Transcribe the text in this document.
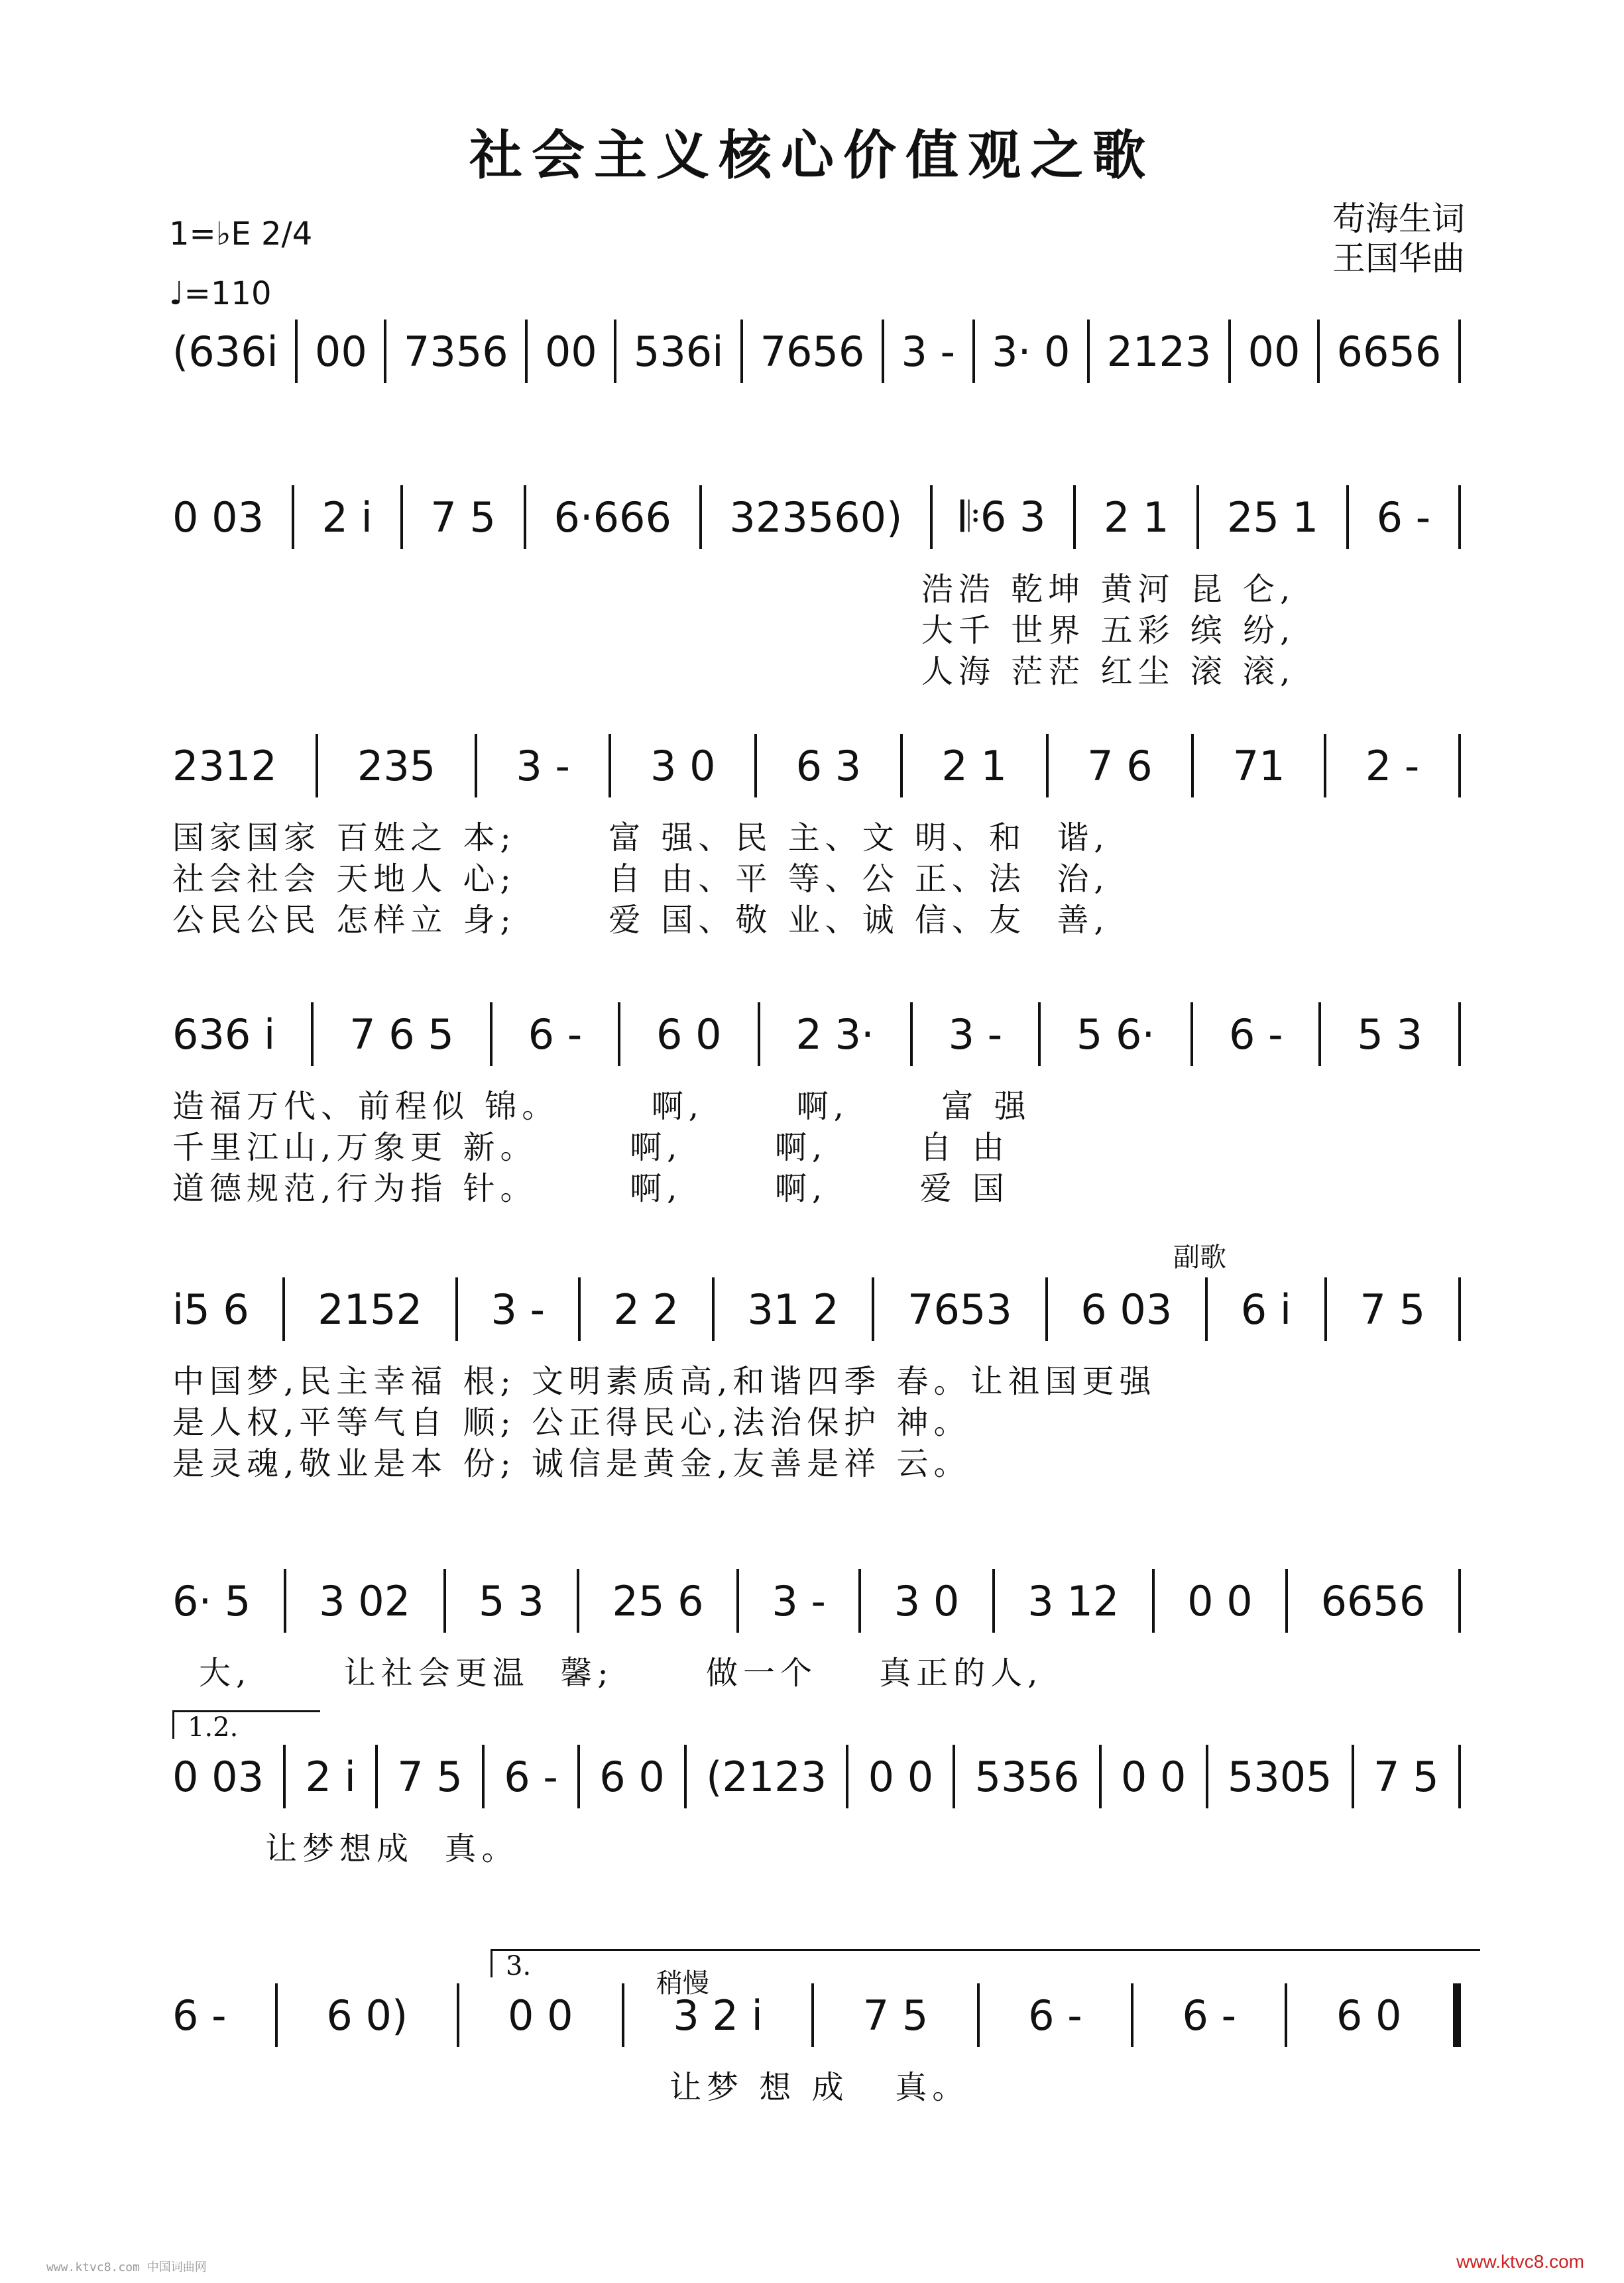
社会主义核心价值观之歌
苟海生词
王国华曲
1=♭E 2/4
♩=110
(636i 00 7356 00 536i 7656 3 - 3· 0 2123 00 6656
0 03 2 i 7 5 6·666 323560) 𝄆6 3 2 1 25 1 6 -
浩浩 乾坤 黄河 昆 仑,
大千 世界 五彩 缤 纷,
人海 茫茫 红尘 滚 滚,
2312 235 3 - 3 0 6 3 2 1 7 6 71 2 -
国家国家 百姓之 本;      富 强、民 主、文 明、和  谐,
社会社会 天地人 心;      自 由、平 等、公 正、法  治,
公民公民 怎样立 身;      爱 国、敬 业、诚 信、友  善,
636 i 7 6 5 6 - 6 0 2 3· 3 - 5 6· 6 - 5 3
造福万代、前程似 锦。      啊,      啊,      富 强
千里江山,万象更 新。      啊,      啊,      自 由
道德规范,行为指 针。      啊,      啊,      爱 国
i5 6 2152 3 - 2 2 31 2 7653 6 03 6 i 7 5
副歌
中国梦,民主幸福 根; 文明素质高,和谐四季 春。让祖国更强
是人权,平等气自 顺; 公正得民心,法治保护 神。
是灵魂,敬业是本 份; 诚信是黄金,友善是祥 云。
6· 5 3 02 5 3 25 6 3 - 3 0 3 12 0 0 6656
大,      让社会更温  馨;      做一个    真正的人,
0 03 2 i 7 5 6 - 6 0 (2123 0 0 5356 0 0 5305 7 5
1.2.
让梦想成  真。
6 - 6 0) 0 0 3 2 i 7 5 6 - 6 - 6 0
3.
稍慢
让梦 想 成   真。
www.ktvc8.com 中国词曲网	www.ktvc8.com
